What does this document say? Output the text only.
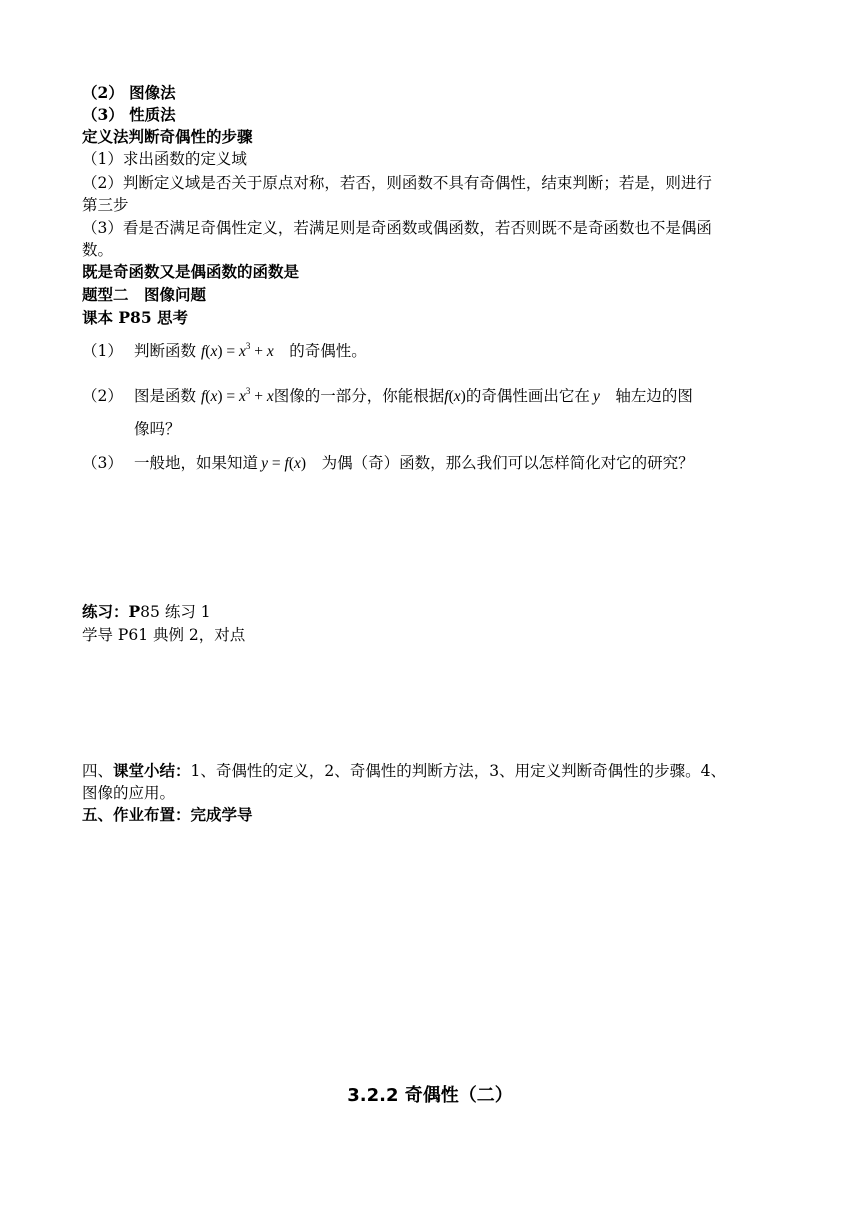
（2） 图像法
（3） 性质法
定义法判断奇偶性的步骤
（1）求出函数的定义域
（2）判断定义域是否关于原点对称，若否，则函数不具有奇偶性，结束判断；若是，则进行
第三步
（3）看是否满足奇偶性定义，若满足则是奇函数或偶函数，若否则既不是奇函数也不是偶函
数。
既是奇函数又是偶函数的函数是
题型二　图像问题
课本 P85 思考
（1） 判断函数 $f(x) = x^3 + x$  的奇偶性。
（2） 图是函数 $f(x) = x^3 + x$图像的一部分，你能根据f(x)的奇偶性画出它在  y  轴左边的图
像吗？
（3） 一般地，如果知道  y = f(x)  为偶（奇）函数，那么我们可以怎样简化对它的研究？
练习：P85 练习 1
学导 P61 典例 2，对点
四、课堂小结：1、奇偶性的定义，2、奇偶性的判断方法，3、用定义判断奇偶性的步骤。4、
图像的应用。
五、作业布置：完成学导
3.2.2 奇偶性（二）
